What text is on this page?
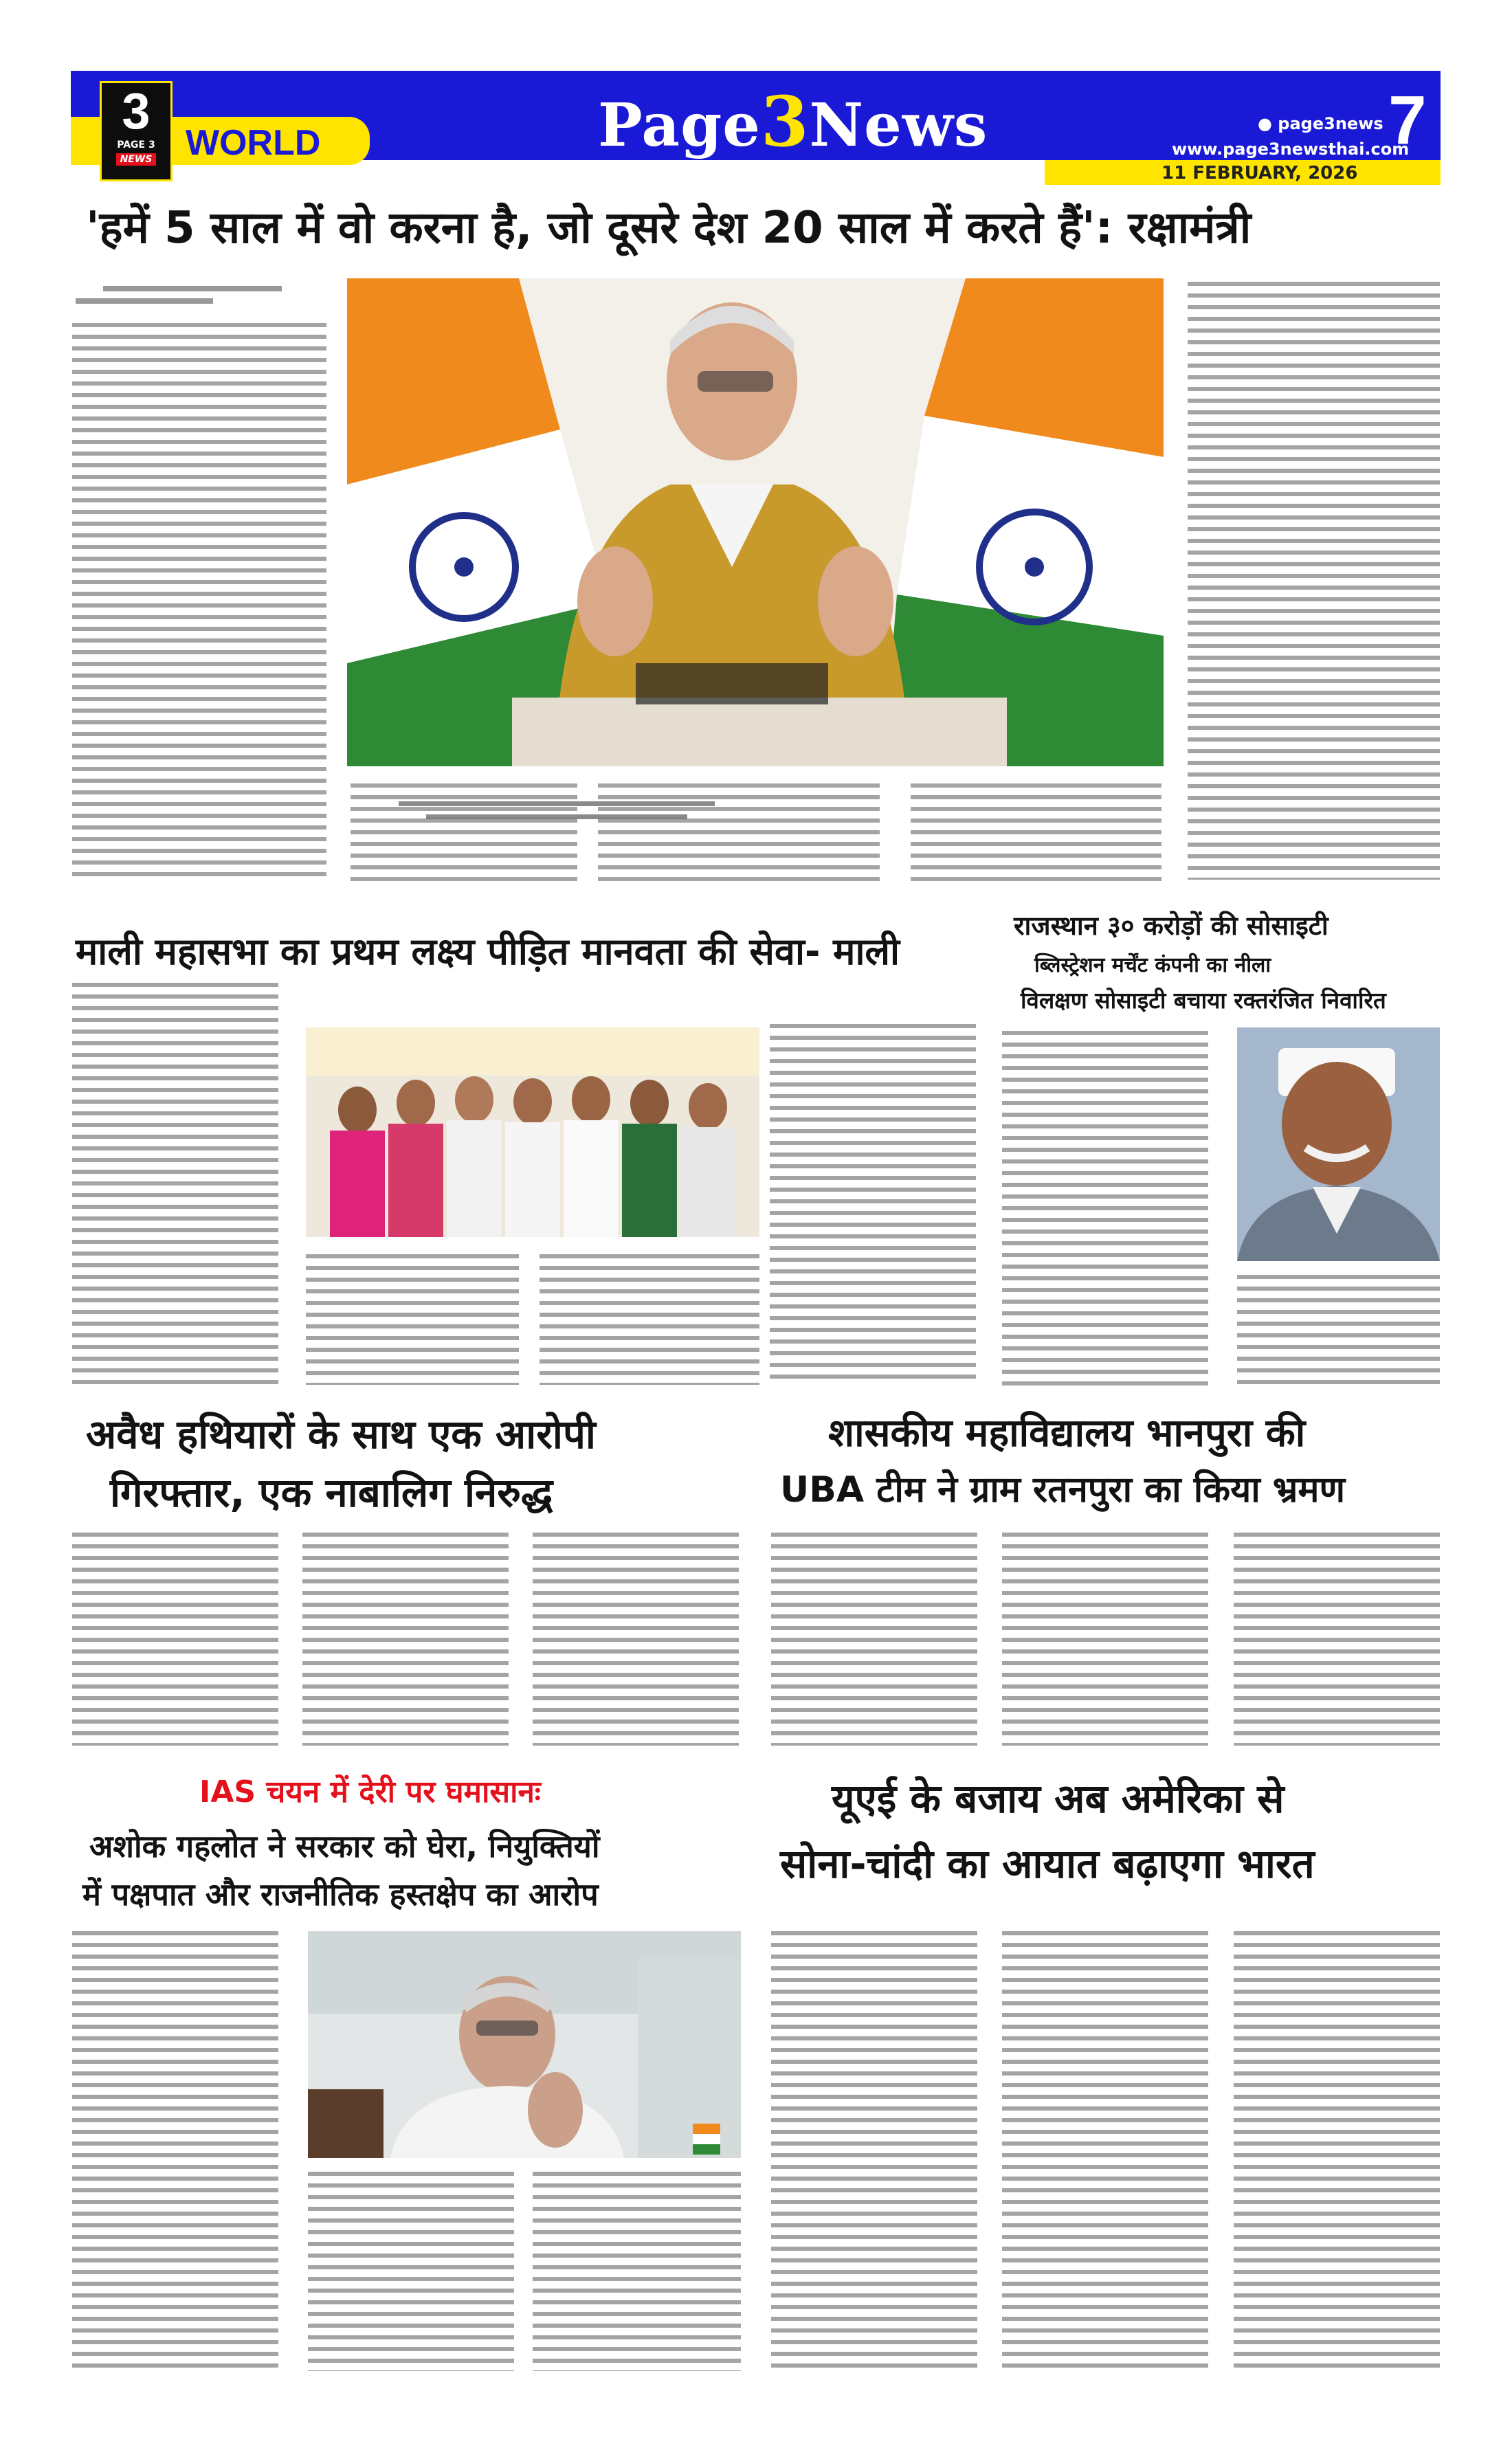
3
PAGE 3
NEWS WORLD	Page3News	● page3news
www.page3newsthai.com
7
11 FEBRUARY, 2026
'हमें 5 साल में वो करना है, जो दूसरे देश 20 साल में करते हैं': रक्षामंत्री
माली महासभा का प्रथम लक्ष्य पीड़ित मानवता की सेवा- माली
राजस्थान ३० करोड़ों की सोसाइटी
ब्लिस्ट्रेशन मर्चेंट कंपनी का नीला
विलक्षण सोसाइटी बचाया रक्तरंजित निवारित
अवैध हथियारों के साथ एक आरोपी
गिरफ्तार, एक नाबालिग निरुद्ध
शासकीय महाविद्यालय भानपुरा की
UBA टीम ने ग्राम रतनपुरा का किया भ्रमण
IAS चयन में देरी पर घमासानः
अशोक गहलोत ने सरकार को घेरा, नियुक्तियों
में पक्षपात और राजनीतिक हस्तक्षेप का आरोप
यूएई के बजाय अब अमेरिका से
सोना-चांदी का आयात बढ़ाएगा भारत
